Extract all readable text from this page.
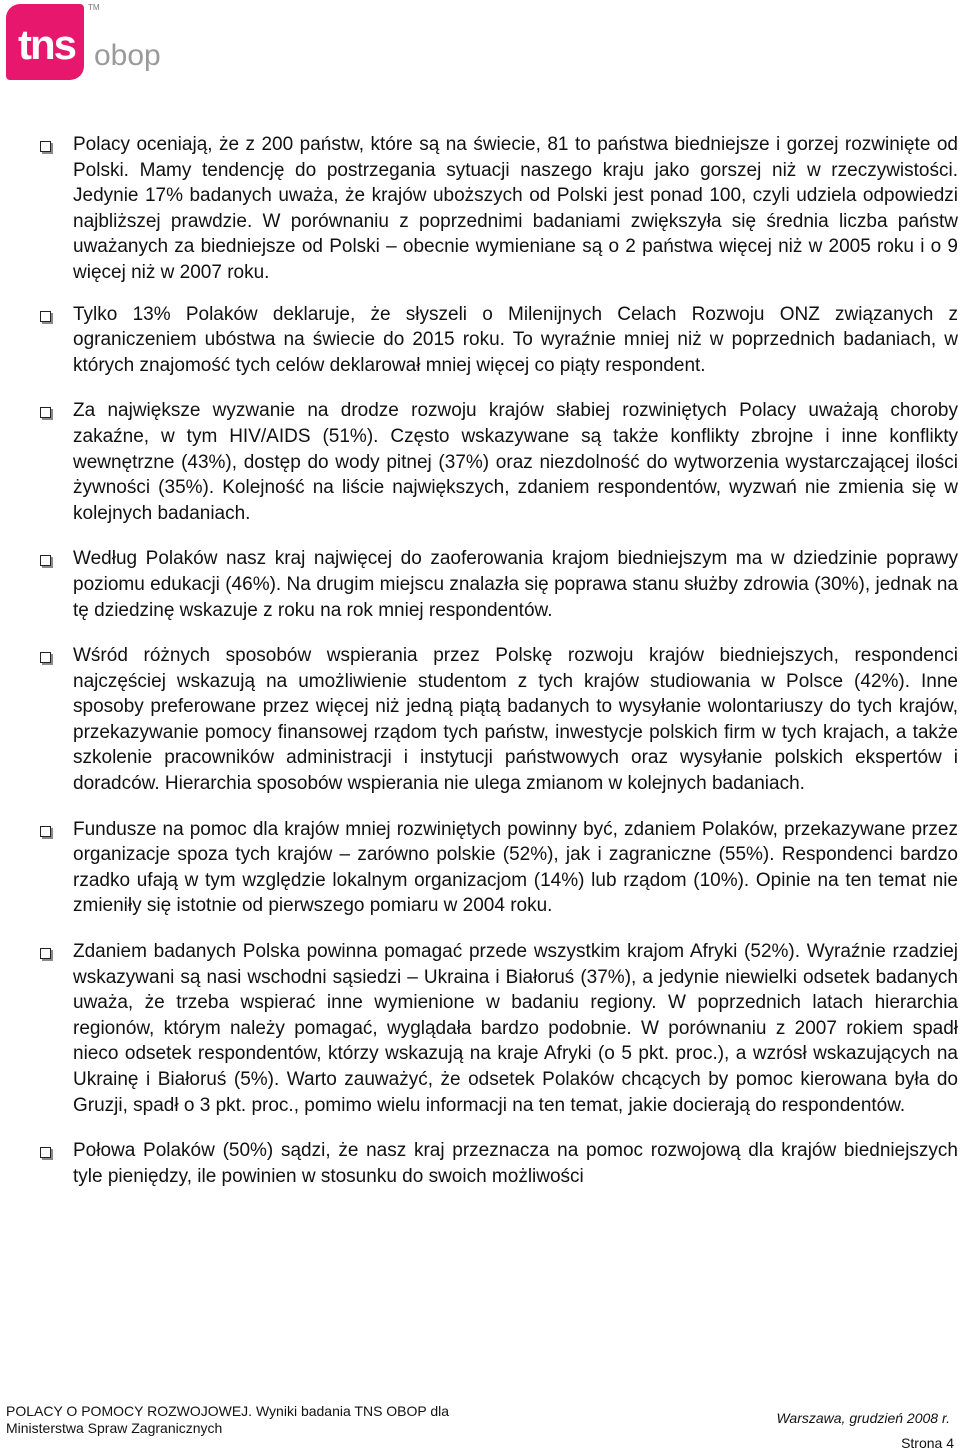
tns
TM
obop
Polacy oceniają, że z 200 państw, które są na świecie, 81 to państwa biedniejsze i gorzej rozwinięte od Polski. Mamy tendencję do postrzegania sytuacji naszego kraju jako gorszej niż w rzeczywistości. Jedynie 17% badanych uważa, że krajów uboższych od Polski jest ponad 100, czyli udziela odpowiedzi najbliższej prawdzie. W porównaniu z poprzednimi badaniami zwiększyła się średnia liczba państw uważanych za biedniejsze od Polski – obecnie wymieniane są o 2 państwa więcej niż w 2005 roku i o 9 więcej niż w 2007 roku.
Tylko 13% Polaków deklaruje, że słyszeli o Milenijnych Celach Rozwoju ONZ związanych z ograniczeniem ubóstwa na świecie do 2015 roku. To wyraźnie mniej niż w poprzednich badaniach, w których znajomość tych celów deklarował mniej więcej co piąty respondent.
Za największe wyzwanie na drodze rozwoju krajów słabiej rozwiniętych Polacy uważają choroby zakaźne, w tym HIV/AIDS (51%). Często wskazywane są także konflikty zbrojne i inne konflikty wewnętrzne (43%), dostęp do wody pitnej (37%) oraz niezdolność do wytworzenia wystarczającej ilości żywności (35%). Kolejność na liście największych, zdaniem respondentów, wyzwań nie zmienia się w kolejnych badaniach.
Według Polaków nasz kraj najwięcej do zaoferowania krajom biedniejszym ma w dziedzinie poprawy poziomu edukacji (46%). Na drugim miejscu znalazła się poprawa stanu służby zdrowia (30%), jednak na tę dziedzinę wskazuje z roku na rok mniej respondentów.
Wśród różnych sposobów wspierania przez Polskę rozwoju krajów biedniejszych, respondenci najczęściej wskazują na umożliwienie studentom z tych krajów studiowania w Polsce (42%). Inne sposoby preferowane przez więcej niż jedną piątą badanych to wysyłanie wolontariuszy do tych krajów, przekazywanie pomocy finansowej rządom tych państw, inwestycje polskich firm w tych krajach, a także szkolenie pracowników administracji i instytucji państwowych oraz wysyłanie polskich ekspertów i doradców. Hierarchia sposobów wspierania nie ulega zmianom w kolejnych badaniach.
Fundusze na pomoc dla krajów mniej rozwiniętych powinny być, zdaniem Polaków, przekazywane przez organizacje spoza tych krajów – zarówno polskie (52%), jak i zagraniczne (55%). Respondenci bardzo rzadko ufają w tym względzie lokalnym organizacjom (14%) lub rządom (10%). Opinie na ten temat nie zmieniły się istotnie od pierwszego pomiaru w 2004 roku.
Zdaniem badanych Polska powinna pomagać przede wszystkim krajom Afryki (52%). Wyraźnie rzadziej wskazywani są nasi wschodni sąsiedzi – Ukraina i Białoruś (37%), a jedynie niewielki odsetek badanych uważa, że trzeba wspierać inne wymienione w badaniu regiony. W poprzednich latach hierarchia regionów, którym należy pomagać, wyglądała bardzo podobnie. W porównaniu z 2007 rokiem spadł nieco odsetek respondentów, którzy wskazują na kraje Afryki (o 5 pkt. proc.), a wzrósł wskazujących na Ukrainę i Białoruś (5%). Warto zauważyć, że odsetek Polaków chcących by pomoc kierowana była do Gruzji, spadł o 3 pkt. proc., pomimo wielu informacji na ten temat, jakie docierają do respondentów.
Połowa Polaków (50%) sądzi, że nasz kraj przeznacza na pomoc rozwojową dla krajów biedniejszych tyle pieniędzy, ile powinien w stosunku do swoich możliwości
POLACY O POMOCY ROZWOJOWEJ. Wyniki badania TNS OBOP dla
Ministerstwa Spraw Zagranicznych
Warszawa, grudzień 2008 r.
Strona 4
